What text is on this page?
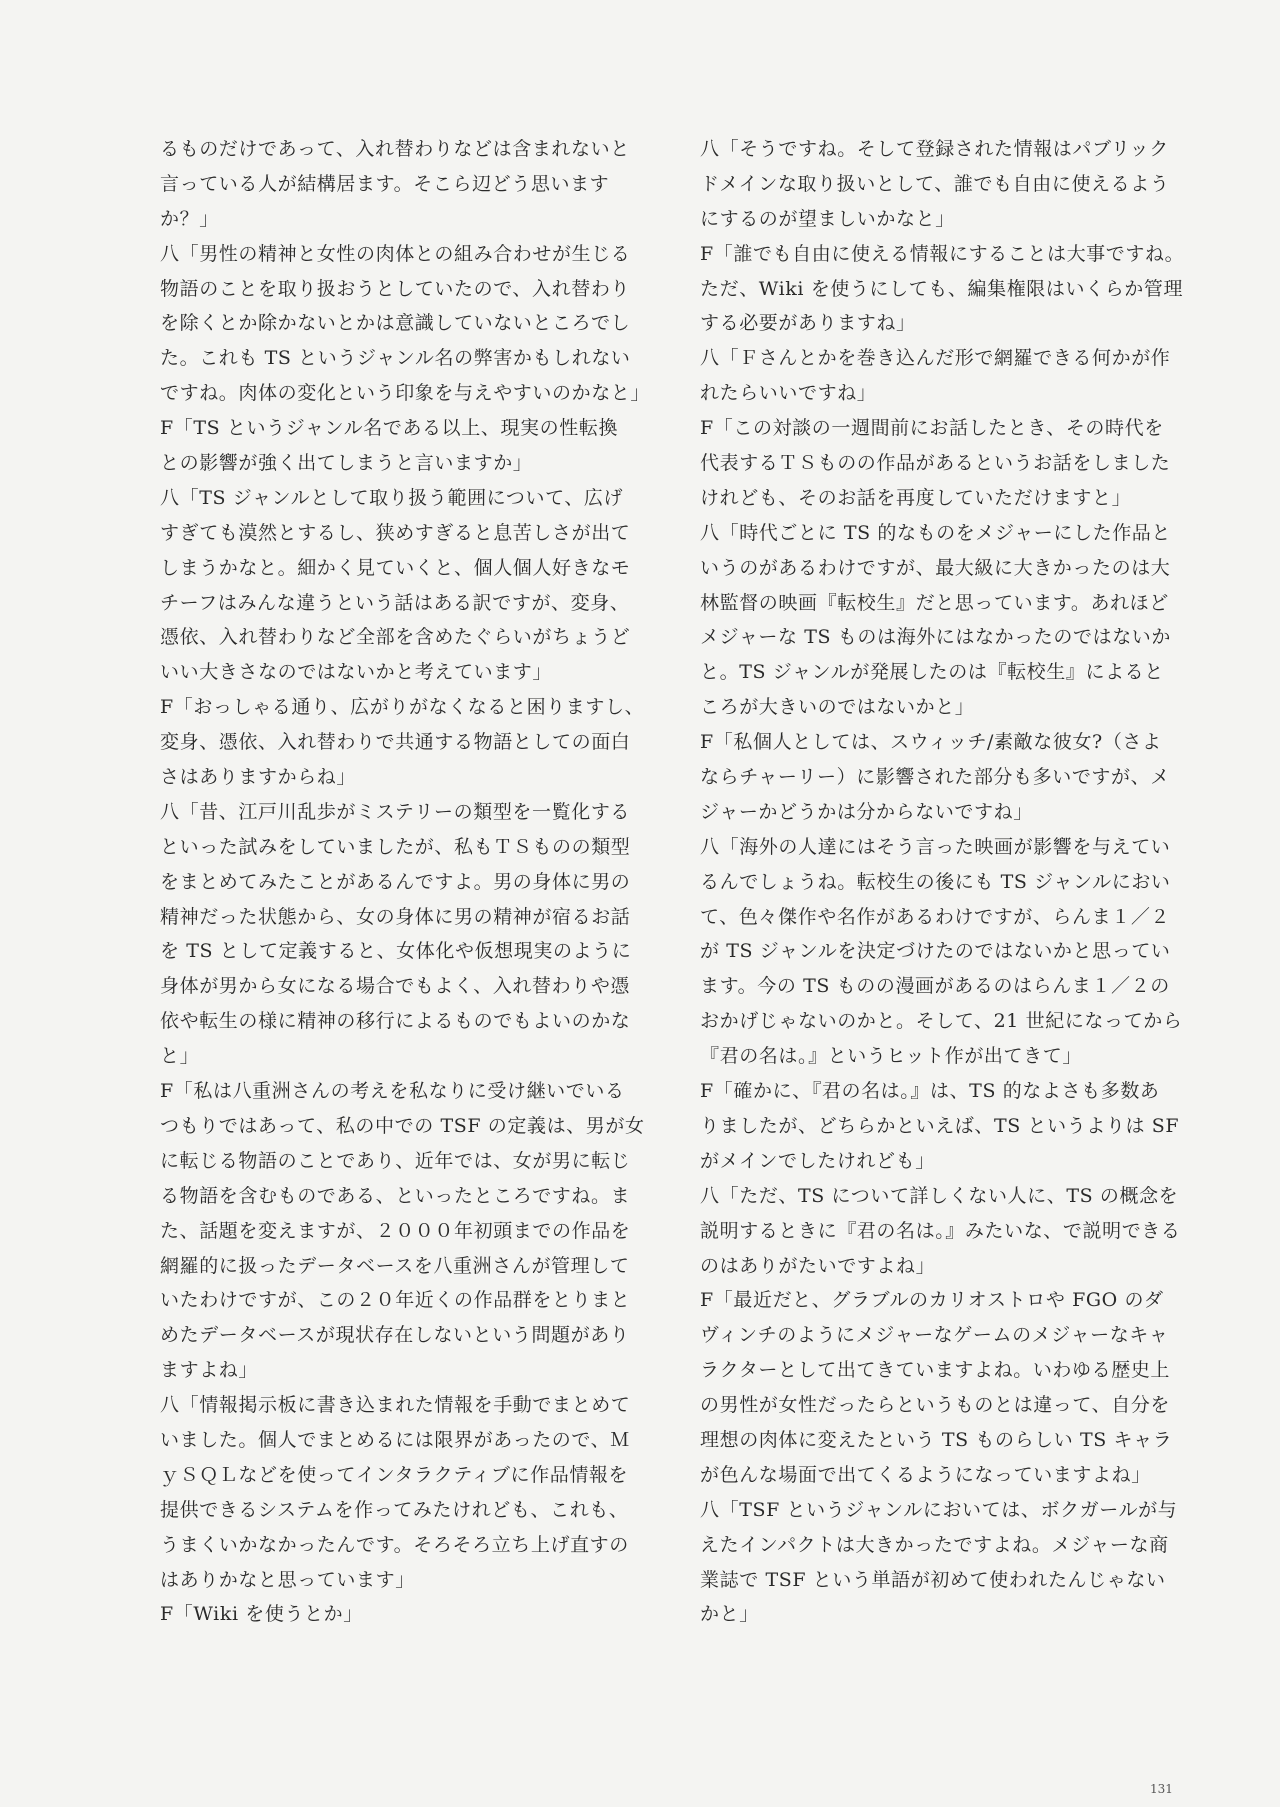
るものだけであって、入れ替わりなどは含まれないと
言っている人が結構居ます。そこら辺どう思います
か？」
八「男性の精神と女性の肉体との組み合わせが生じる
物語のことを取り扱おうとしていたので、入れ替わり
を除くとか除かないとかは意識していないところでし
た。これも TS というジャンル名の弊害かもしれない
ですね。肉体の変化という印象を与えやすいのかなと」
F「TS というジャンル名である以上、現実の性転換
との影響が強く出てしまうと言いますか」
八「TS ジャンルとして取り扱う範囲について、広げ
すぎても漠然とするし、狭めすぎると息苦しさが出て
しまうかなと。細かく見ていくと、個人個人好きなモ
チーフはみんな違うという話はある訳ですが、変身、
憑依、入れ替わりなど全部を含めたぐらいがちょうど
いい大きさなのではないかと考えています」
F「おっしゃる通り、広がりがなくなると困りますし、
変身、憑依、入れ替わりで共通する物語としての面白
さはありますからね」
八「昔、江戸川乱歩がミステリーの類型を一覧化する
といった試みをしていましたが、私もＴＳものの類型
をまとめてみたことがあるんですよ。男の身体に男の
精神だった状態から、女の身体に男の精神が宿るお話
を TS として定義すると、女体化や仮想現実のように
身体が男から女になる場合でもよく、入れ替わりや憑
依や転生の様に精神の移行によるものでもよいのかな
と」
F「私は八重洲さんの考えを私なりに受け継いでいる
つもりではあって、私の中での TSF の定義は、男が女
に転じる物語のことであり、近年では、女が男に転じ
る物語を含むものである、といったところですね。ま
た、話題を変えますが、２０００年初頭までの作品を
網羅的に扱ったデータベースを八重洲さんが管理して
いたわけですが、この２０年近くの作品群をとりまと
めたデータベースが現状存在しないという問題があり
ますよね」
八「情報掲示板に書き込まれた情報を手動でまとめて
いました。個人でまとめるには限界があったので、Ｍ
ｙＳＱＬなどを使ってインタラクティブに作品情報を
提供できるシステムを作ってみたけれども、これも、
うまくいかなかったんです。そろそろ立ち上げ直すの
はありかなと思っています」
F「Wiki を使うとか」
八「そうですね。そして登録された情報はパブリック
ドメインな取り扱いとして、誰でも自由に使えるよう
にするのが望ましいかなと」
F「誰でも自由に使える情報にすることは大事ですね。
ただ、Wiki を使うにしても、編集権限はいくらか管理
する必要がありますね」
八「Ｆさんとかを巻き込んだ形で網羅できる何かが作
れたらいいですね」
F「この対談の一週間前にお話したとき、その時代を
代表するＴＳものの作品があるというお話をしました
けれども、そのお話を再度していただけますと」
八「時代ごとに TS 的なものをメジャーにした作品と
いうのがあるわけですが、最大級に大きかったのは大
林監督の映画『転校生』だと思っています。あれほど
メジャーな TS ものは海外にはなかったのではないか
と。TS ジャンルが発展したのは『転校生』によると
ころが大きいのではないかと」
F「私個人としては、スウィッチ/素敵な彼女?（さよ
ならチャーリー）に影響された部分も多いですが、メ
ジャーかどうかは分からないですね」
八「海外の人達にはそう言った映画が影響を与えてい
るんでしょうね。転校生の後にも TS ジャンルにおい
て、色々傑作や名作があるわけですが、らんま１／２
が TS ジャンルを決定づけたのではないかと思ってい
ます。今の TS ものの漫画があるのはらんま１／２の
おかげじゃないのかと。そして、21 世紀になってから
『君の名は。』というヒット作が出てきて」
F「確かに、『君の名は。』は、TS 的なよさも多数あ
りましたが、どちらかといえば、TS というよりは SF
がメインでしたけれども」
八「ただ、TS について詳しくない人に、TS の概念を
説明するときに『君の名は。』みたいな、で説明できる
のはありがたいですよね」
F「最近だと、グラブルのカリオストロや FGO のダ
ヴィンチのようにメジャーなゲームのメジャーなキャ
ラクターとして出てきていますよね。いわゆる歴史上
の男性が女性だったらというものとは違って、自分を
理想の肉体に変えたという TS ものらしい TS キャラ
が色んな場面で出てくるようになっていますよね」
八「TSF というジャンルにおいては、ボクガールが与
えたインパクトは大きかったですよね。メジャーな商
業誌で TSF という単語が初めて使われたんじゃない
かと」
131
